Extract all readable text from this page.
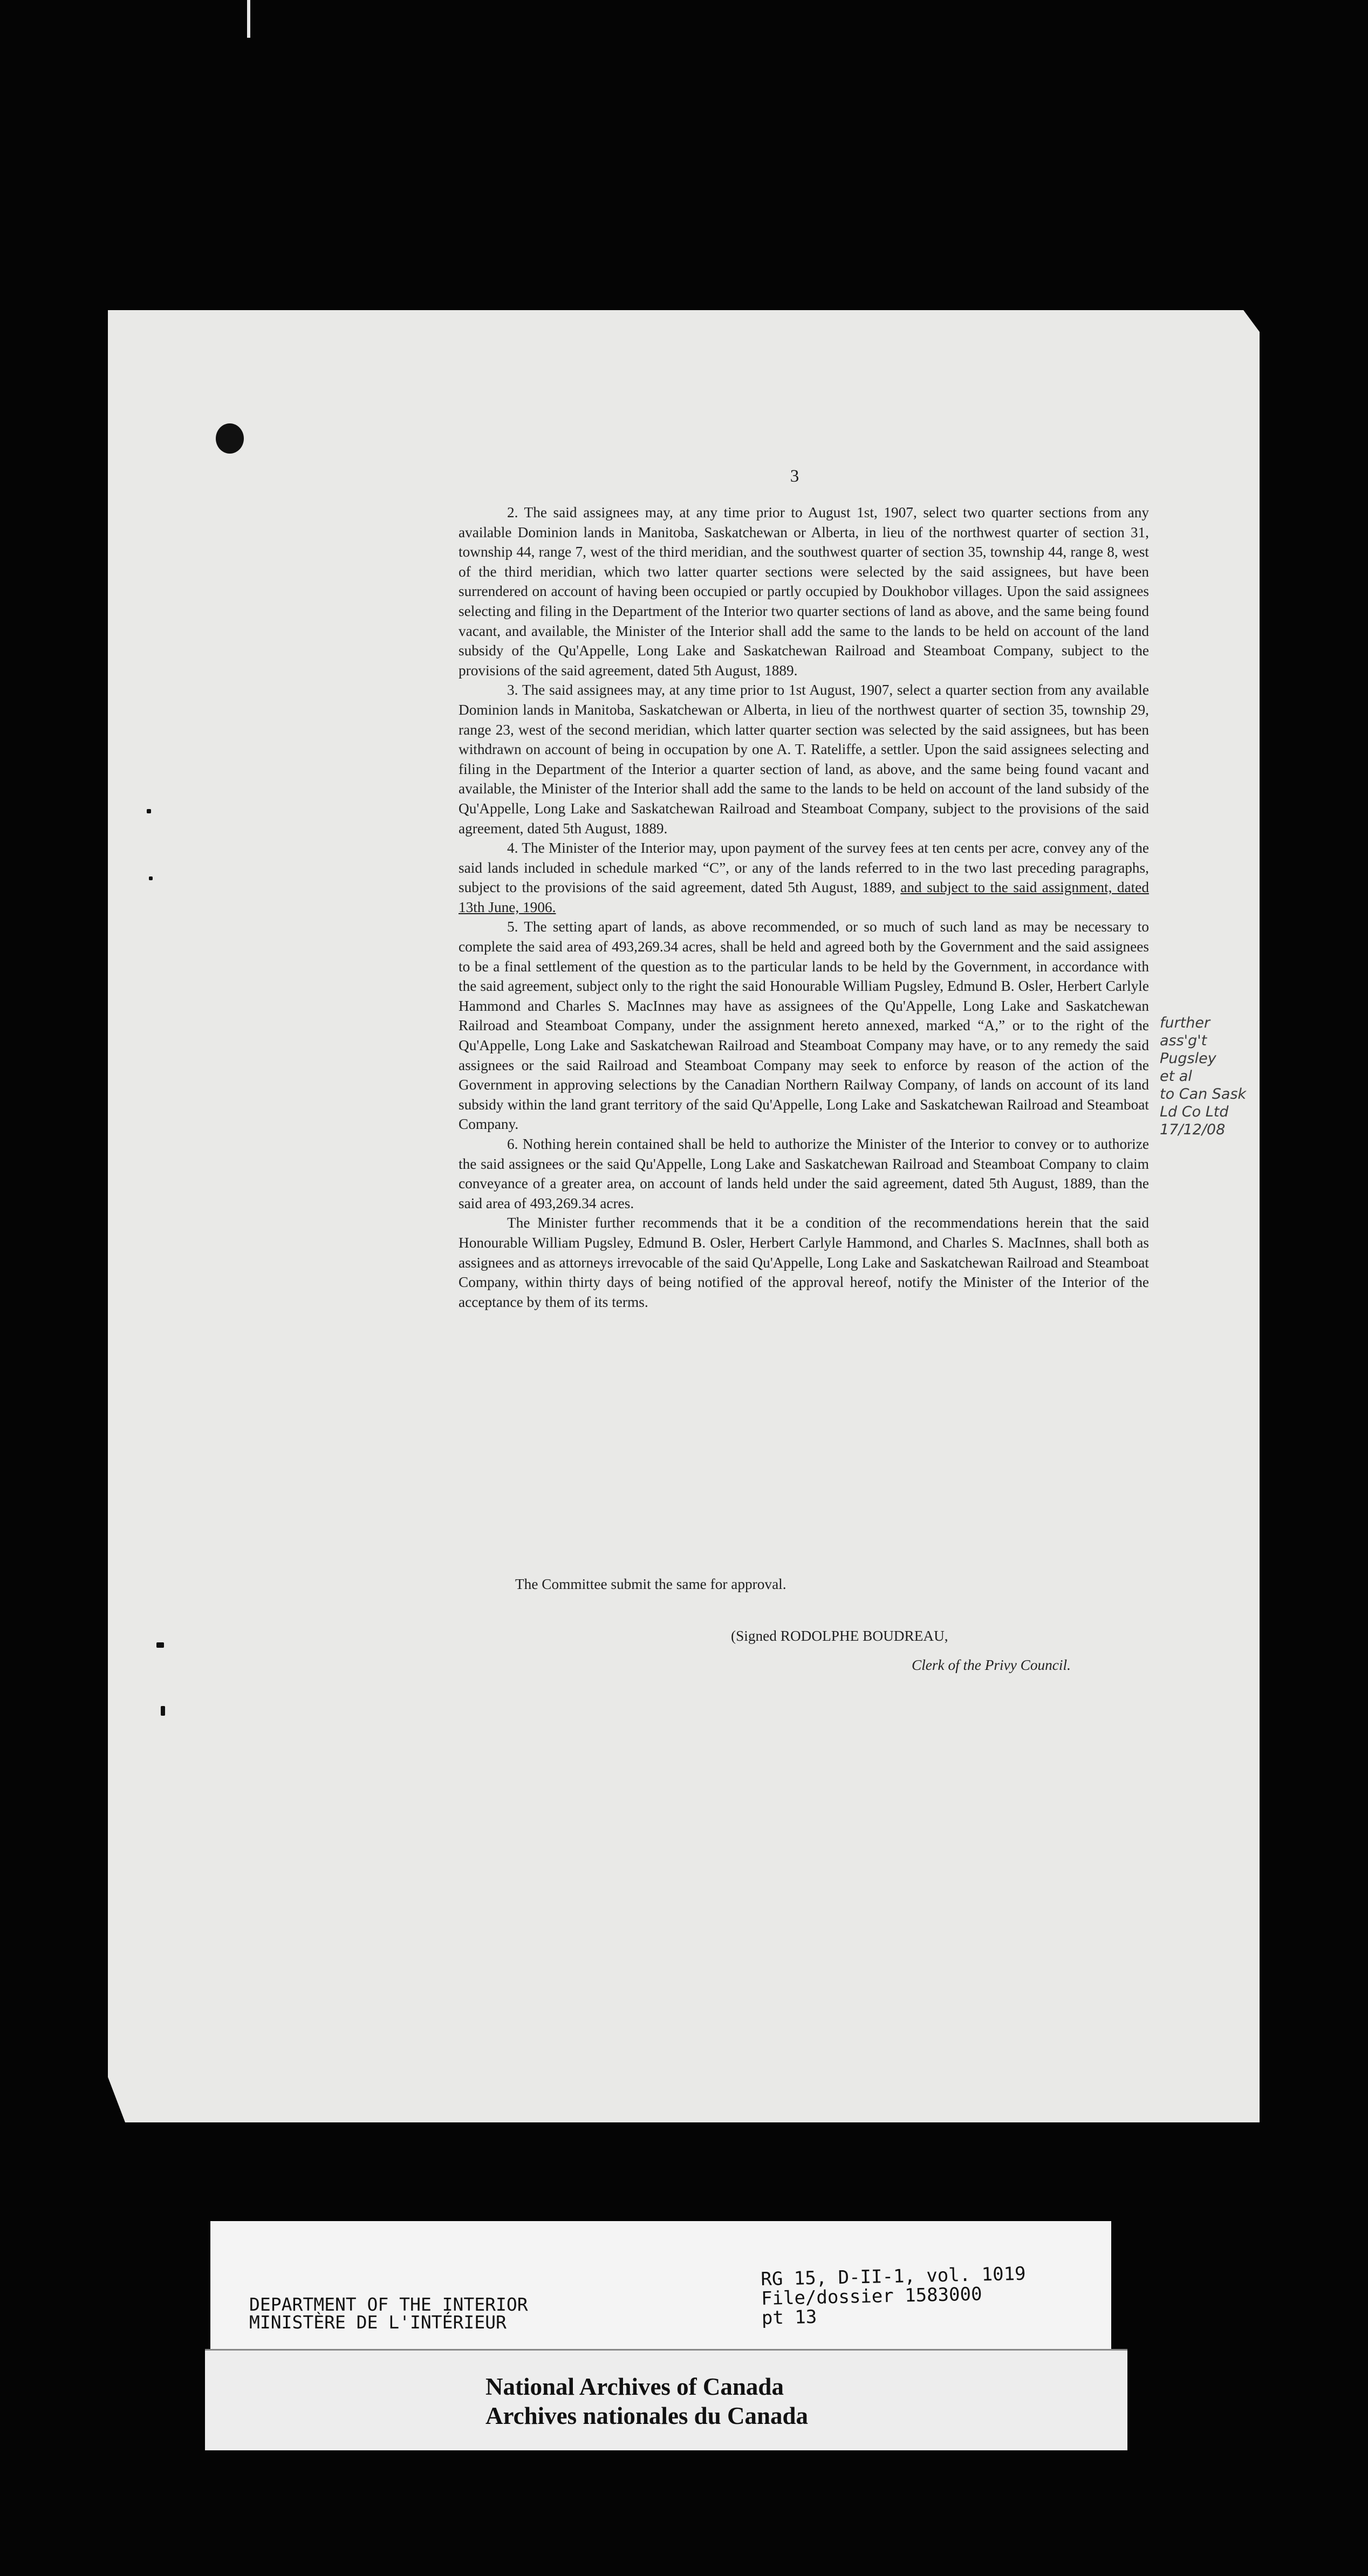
3

2. The said assignees may, at any time prior to August 1st, 1907, select two quarter sections from any available Dominion lands in Manitoba, Saskatchewan or Alberta, in lieu of the northwest quarter of section 31, township 44, range 7, west of the third meridian, and the southwest quarter of section 35, township 44, range 8, west of the third meridian, which two latter quarter sections were selected by the said assignees, but have been surrendered on account of having been occupied or partly occupied by Doukhobor villages. Upon the said assignees selecting and filing in the Department of the Interior two quarter sections of land as above, and the same being found vacant, and available, the Minister of the Interior shall add the same to the lands to be held on account of the land subsidy of the Qu'Appelle, Long Lake and Saskatchewan Railroad and Steamboat Company, subject to the provisions of the said agreement, dated 5th August, 1889.

3. The said assignees may, at any time prior to 1st August, 1907, select a quarter section from any available Dominion lands in Manitoba, Saskatchewan or Alberta, in lieu of the northwest quarter of section 35, township 29, range 23, west of the second meridian, which latter quarter section was selected by the said assignees, but has been withdrawn on account of being in occupation by one A. T. Rateliffe, a settler. Upon the said assignees selecting and filing in the Department of the Interior a quarter section of land, as above, and the same being found vacant and available, the Minister of the Interior shall add the same to the lands to be held on account of the land subsidy of the Qu'Appelle, Long Lake and Saskatchewan Railroad and Steamboat Company, subject to the provisions of the said agreement, dated 5th August, 1889.

4. The Minister of the Interior may, upon payment of the survey fees at ten cents per acre, convey any of the said lands included in schedule marked “C”, or any of the lands referred to in the two last preceding paragraphs, subject to the provisions of the said agreement, dated 5th August, 1889, and subject to the said assignment, dated 13th June, 1906.

5. The setting apart of lands, as above recommended, or so much of such land as may be necessary to complete the said area of 493,269.34 acres, shall be held and agreed both by the Government and the said assignees to be a final settlement of the question as to the particular lands to be held by the Government, in accordance with the said agreement, subject only to the right the said Honourable William Pugsley, Edmund B. Osler, Herbert Carlyle Hammond and Charles S. MacInnes may have as assignees of the Qu'Appelle, Long Lake and Saskatchewan Railroad and Steamboat Company, under the assignment hereto annexed, marked “A,” or to the right of the Qu'Appelle, Long Lake and Saskatchewan Railroad and Steamboat Company may have, or to any remedy the said assignees or the said Railroad and Steamboat Company may seek to enforce by reason of the action of the Government in approving selections by the Canadian Northern Railway Company, of lands on account of its land subsidy within the land grant territory of the said Qu'Appelle, Long Lake and Saskatchewan Railroad and Steamboat Company.

6. Nothing herein contained shall be held to authorize the Minister of the Interior to convey or to authorize the said assignees or the said Qu'Appelle, Long Lake and Saskatchewan Railroad and Steamboat Company to claim conveyance of a greater area, on account of lands held under the said agreement, dated 5th August, 1889, than the said area of 493,269.34 acres.

The Minister further recommends that it be a condition of the recommendations herein that the said Honourable William Pugsley, Edmund B. Osler, Herbert Carlyle Hammond, and Charles S. MacInnes, shall both as assignees and as attorneys irrevocable of the said Qu'Appelle, Long Lake and Saskatchewan Railroad and Steamboat Company, within thirty days of being notified of the approval hereof, notify the Minister of the Interior of the acceptance by them of its terms.

The Committee submit the same for approval.
(Signed RODOLPHE BOUDREAU,
Clerk of the Privy Council.
further
ass'g't
Pugsley
et al
to Can Sask
Ld Co Ltd
17/12/08
DEPARTMENT OF THE INTERIOR
MINISTÈRE DE L'INTÉRIEUR
RG 15, D-II-1, vol. 1019
File/dossier 1583000
pt 13
National Archives of Canada
Archives nationales du Canada
